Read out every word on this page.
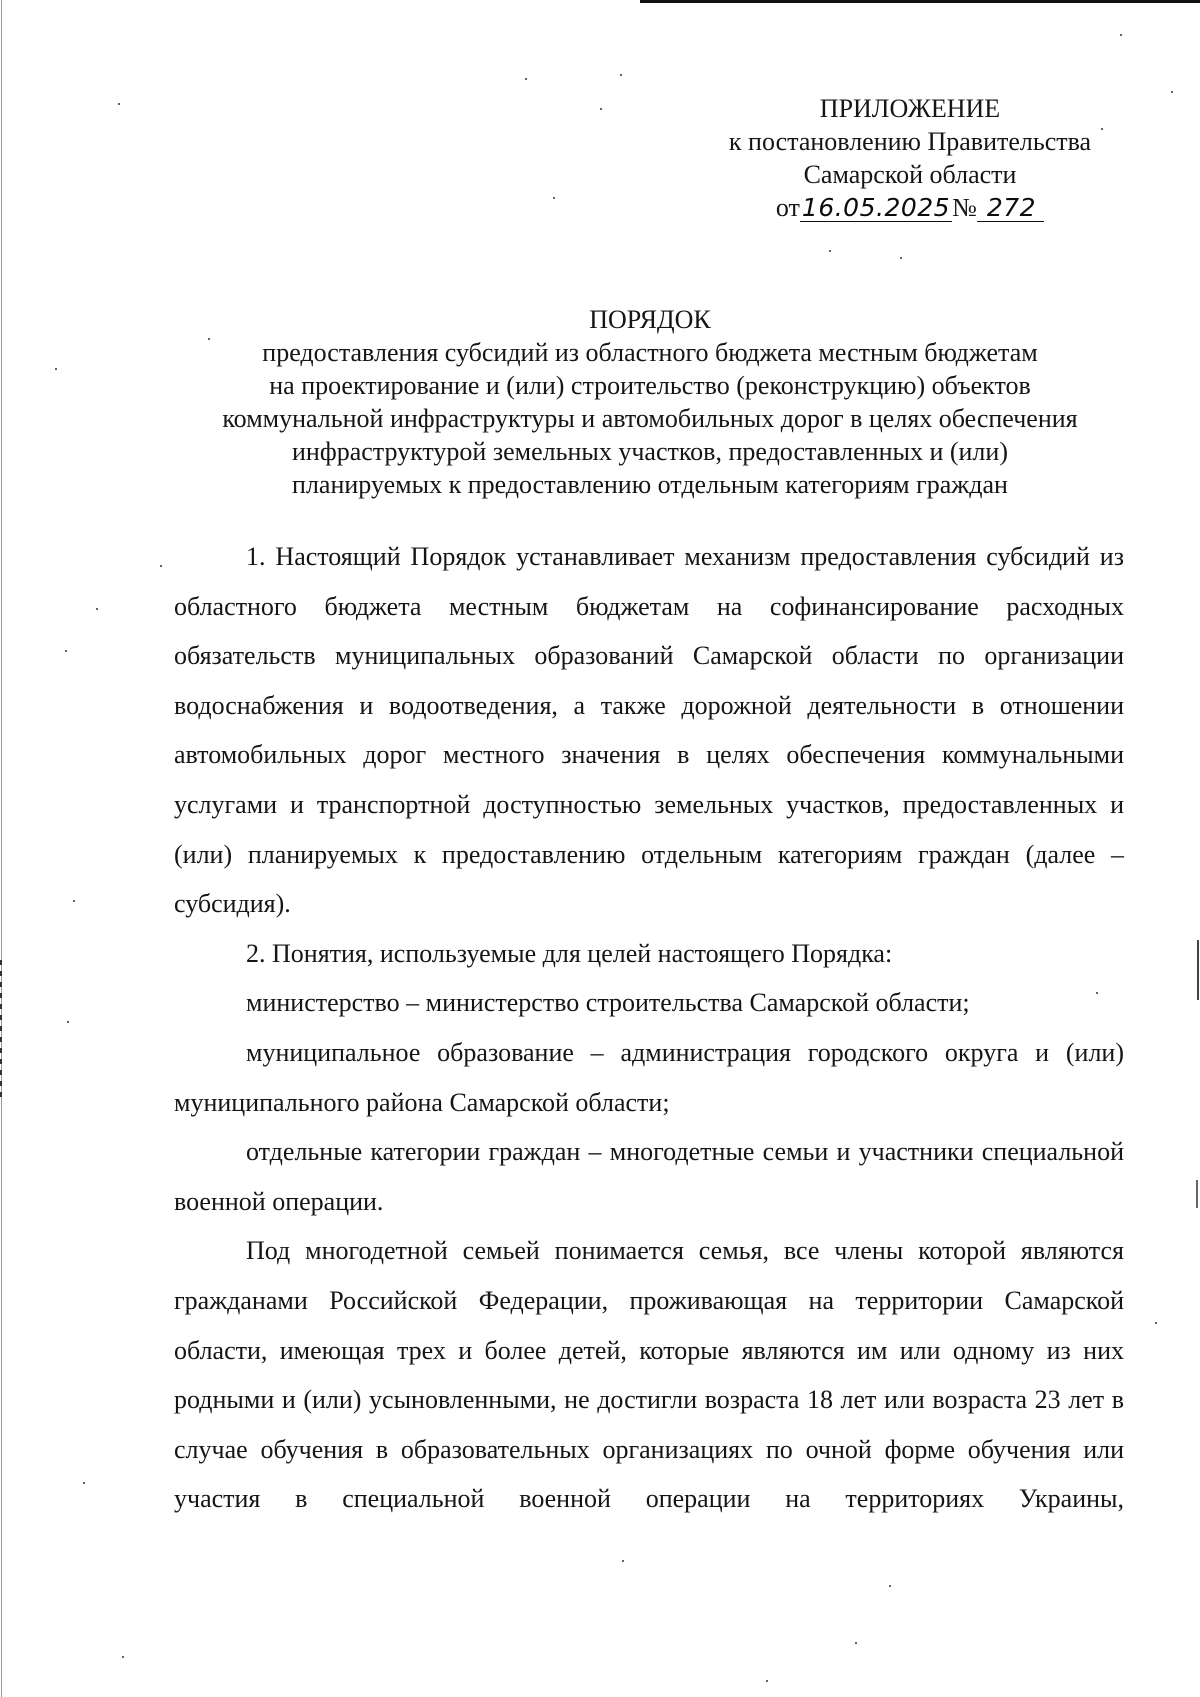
ПРИЛОЖЕНИЕ
к постановлению Правительства
Самарской области
от16.05.2025№ 272
ПОРЯДОК
предоставления субсидий из областного бюджета местным бюджетам
на проектирование и (или) строительство (реконструкцию) объектов
коммунальной инфраструктуры и автомобильных дорог в целях обеспечения
инфраструктурой земельных участков, предоставленных и (или)
планируемых к предоставлению отдельным категориям граждан

1. Настоящий Порядок устанавливает механизм предоставления субсидий из областного бюджета местным бюджетам на софинансирование расходных обязательств муниципальных образований Самарской области по организации водоснабжения и водоотведения, а также дорожной деятельности в отношении автомобильных дорог местного значения в целях обеспечения коммунальными услугами и транспортной доступностью земельных участков, предоставленных и (или) планируемых к предоставлению отдельным категориям граждан (далее – субсидия).

2. Понятия, используемые для целей настоящего Порядка:

министерство – министерство строительства Самарской области;

муниципальное образование – администрация городского округа и (или) муниципального района Самарской области;

отдельные категории граждан – многодетные семьи и участники специальной военной операции.

Под многодетной семьей понимается семья, все члены которой являются гражданами Российской Федерации, проживающая на территории Самарской области, имеющая трех и более детей, которые являются им или одному из них родными и (или) усыновленными, не достигли возраста 18 лет или возраста 23 лет в случае обучения в образовательных организациях по очной форме обучения или участия в специальной военной операции на территориях Украины,
